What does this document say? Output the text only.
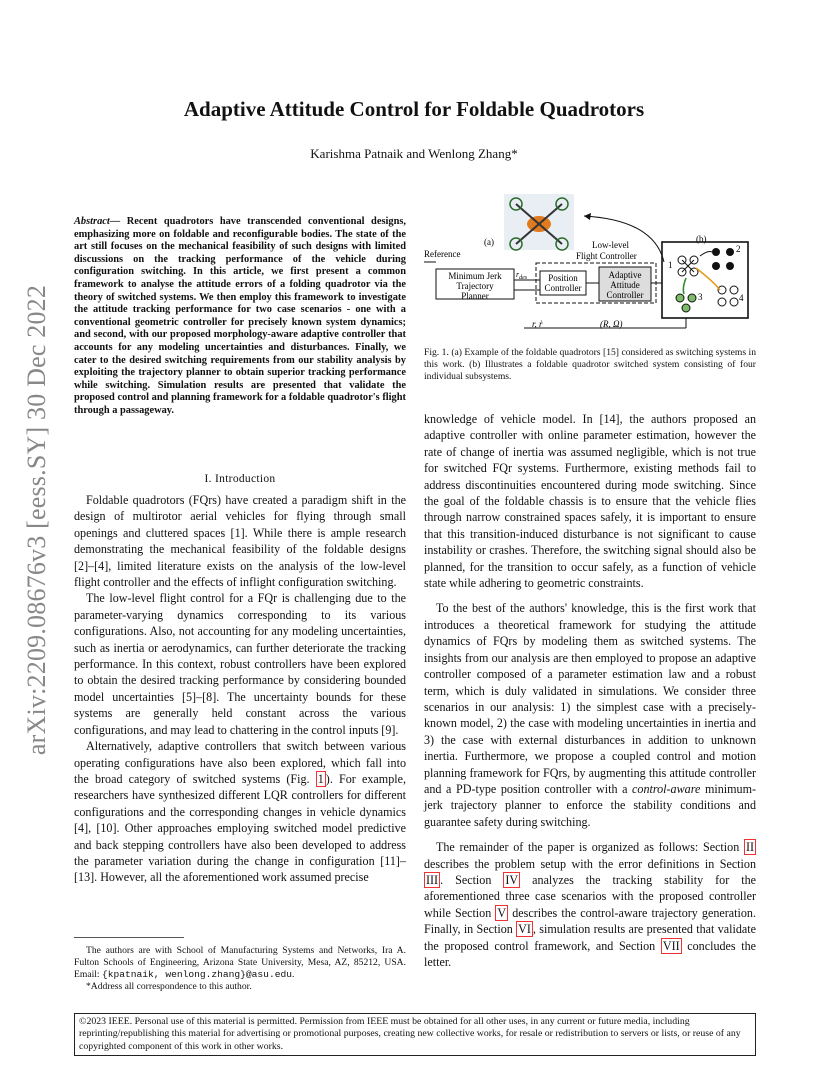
arXiv:2209.08676v3 [eess.SY] 30 Dec 2022
Adaptive Attitude Control for Foldable Quadrotors
Karishma Patnaik and Wenlong Zhang*
Abstract— Recent quadrotors have transcended conventional designs, emphasizing more on foldable and reconfigurable bodies. The state of the art still focuses on the mechanical feasibility of such designs with limited discussions on the tracking performance of the vehicle during configuration switching. In this article, we first present a common framework to analyse the attitude errors of a folding quadrotor via the theory of switched systems. We then employ this framework to investigate the attitude tracking performance for two case scenarios - one with a conventional geometric controller for precisely known system dynamics; and second, with our proposed morphology-aware adaptive controller that accounts for any modeling uncertainties and disturbances. Finally, we cater to the desired switching requirements from our stability analysis by exploiting the trajectory planner to obtain superior tracking performance while switching. Simulation results are presented that validate the proposed control and planning framework for a foldable quadrotor's flight through a passageway.
I. Introduction

Foldable quadrotors (FQrs) have created a paradigm shift in the design of multirotor aerial vehicles for flying through small openings and cluttered spaces [1]. While there is ample research demonstrating the mechanical feasibility of the foldable designs [2]–[4], limited literature exists on the analysis of the low-level flight controller and the effects of inflight configuration switching.

The low-level flight control for a FQr is challenging due to the parameter-varying dynamics corresponding to its various configurations. Also, not accounting for any modeling uncertainties, such as inertia or aerodynamics, can further deteriorate the tracking performance. In this context, robust controllers have been explored to obtain the desired tracking performance by considering bounded model uncertainties [5]–[8]. The uncertainty bounds for these systems are generally held constant across the various configurations, and may lead to chattering in the control inputs [9].

Alternatively, adaptive controllers that switch between various operating configurations have also been explored, which fall into the broad category of switched systems (Fig. 1 ). For example, researchers have synthesized different LQR controllers for different configurations and the corresponding changes in vehicle dynamics [4], [10]. Other approaches employing switched model predictive and back stepping controllers have also been developed to address the parameter variation during the change in configuration [11]–[13]. However, all the aforementioned work assumed precise

The authors are with School of Manufacturing Systems and Networks, Ira A. Fulton Schools of Engineering, Arizona State University, Mesa, AZ, 85212, USA. Email: {kpatnaik, wenlong.zhang}@asu.edu.
*Address all correspondence to this author.
(a)	(b)
Reference
Low-level
Flight Controller
Minimum Jerk
Trajectory
Planner
Position
Controller
Adaptive
Attitude
Controller
$r_{des}$
1
2
3	4
r, ṙ	(R, Ω)
Fig. 1. (a) Example of the foldable quadrotors [15] considered as switching systems in this work. (b) Illustrates a foldable quadrotor switched system consisting of four individual subsystems.

knowledge of vehicle model. In [14], the authors proposed an adaptive controller with online parameter estimation, however the rate of change of inertia was assumed negligible, which is not true for switched FQr systems. Furthermore, existing methods fail to address discontinuities encountered during mode switching. Since the goal of the foldable chassis is to ensure that the vehicle flies through narrow constrained spaces safely, it is important to ensure that this transition-induced disturbance is not significant to cause instability or crashes. Therefore, the switching signal should also be planned, for the transition to occur safely, as a function of vehicle state while adhering to geometric constraints.

To the best of the authors' knowledge, this is the first work that introduces a theoretical framework for studying the attitude dynamics of FQrs by modeling them as switched systems. The insights from our analysis are then employed to propose an adaptive controller composed of a parameter estimation law and a robust term, which is duly validated in simulations. We consider three scenarios in our analysis: 1) the simplest case with a precisely-known model, 2) the case with modeling uncertainties in inertia and 3) the case with external disturbances in addition to unknown inertia. Furthermore, we propose a coupled control and motion planning framework for FQrs, by augmenting this attitude controller and a PD-type position controller with a control-aware minimum-jerk trajectory planner to enforce the stability conditions and guarantee safety during switching.

The remainder of the paper is organized as follows: Section II describes the problem setup with the error definitions in Section III . Section IV analyzes the tracking stability for the aforementioned three case scenarios with the proposed controller while Section V describes the control-aware trajectory generation. Finally, in Section VI , simulation results are presented that validate the proposed control framework, and Section VII concludes the letter.

©2023 IEEE. Personal use of this material is permitted. Permission from IEEE must be obtained for all other uses, in any current or future media, including reprinting/republishing this material for advertising or promotional purposes, creating new collective works, for resale or redistribution to servers or lists, or reuse of any copyrighted component of this work in other works.
